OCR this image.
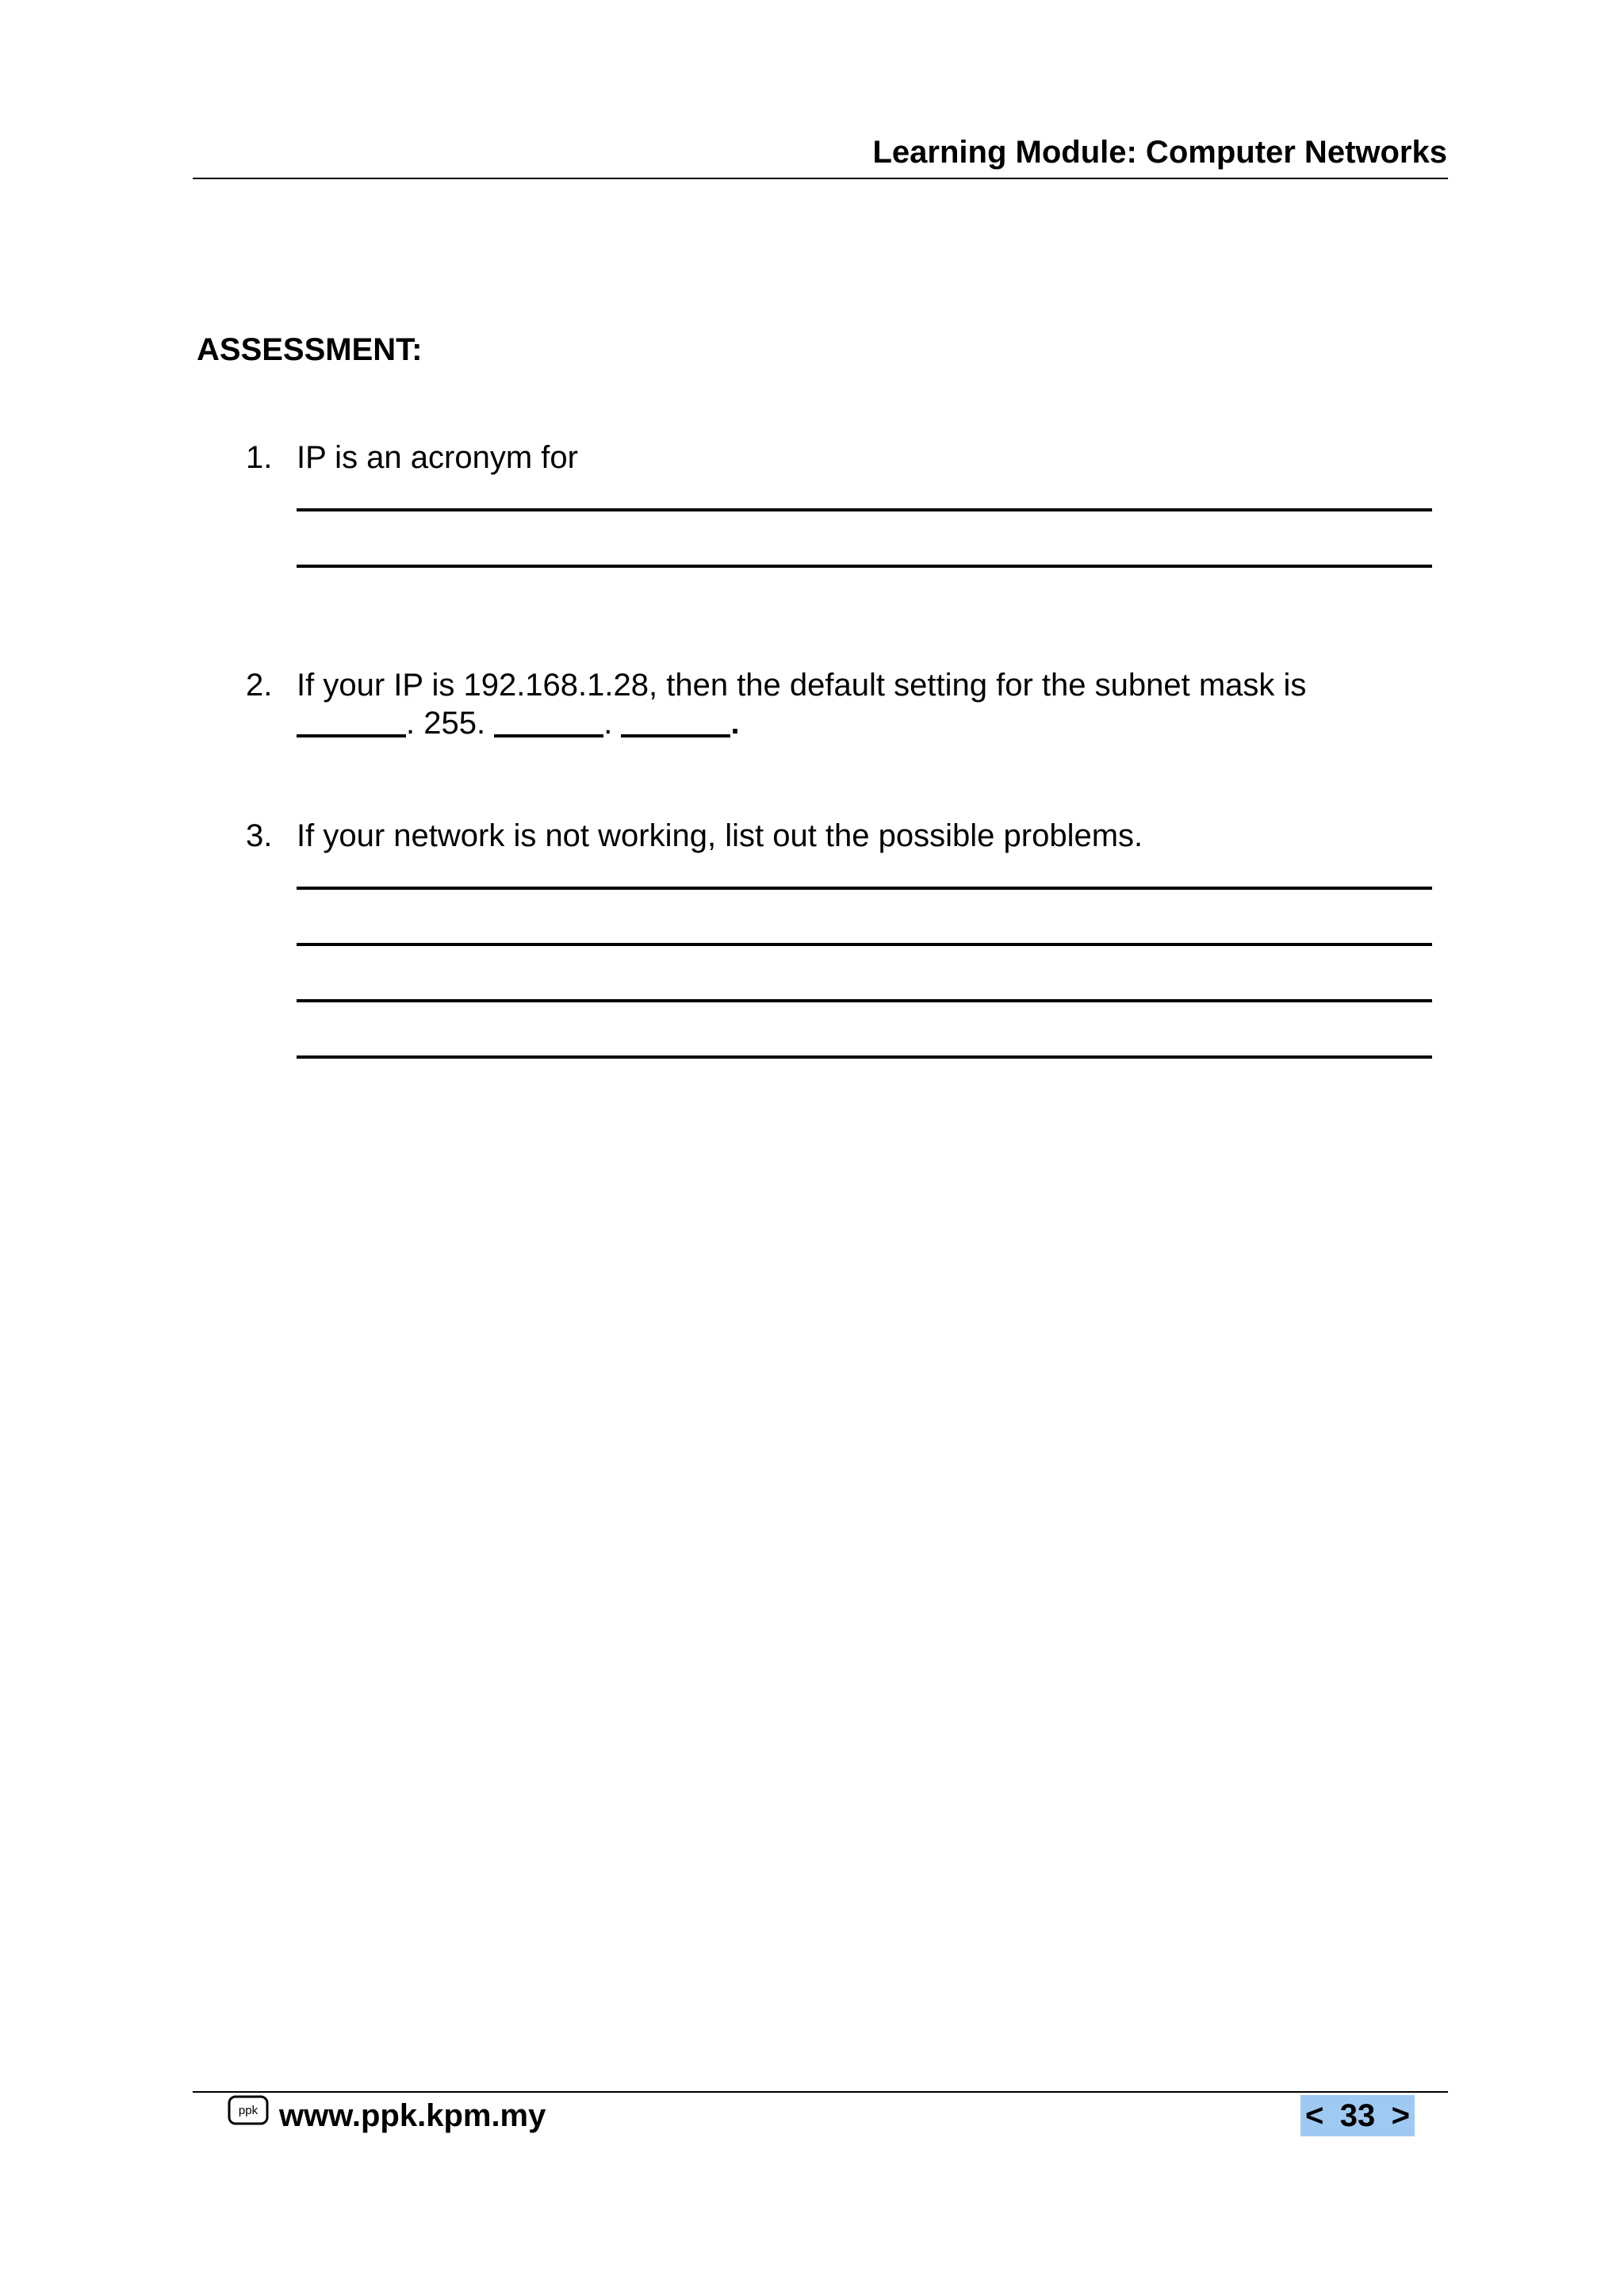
Learning Module: Computer Networks
ASSESSMENT:
1. IP is an acronym for
2. If your IP is 192.168.1.28, then the default setting for the subnet mask is
. 255.	.	.
3. If your network is not working, list out the possible problems.
ppk www.ppk.kpm.my	< 33 >
